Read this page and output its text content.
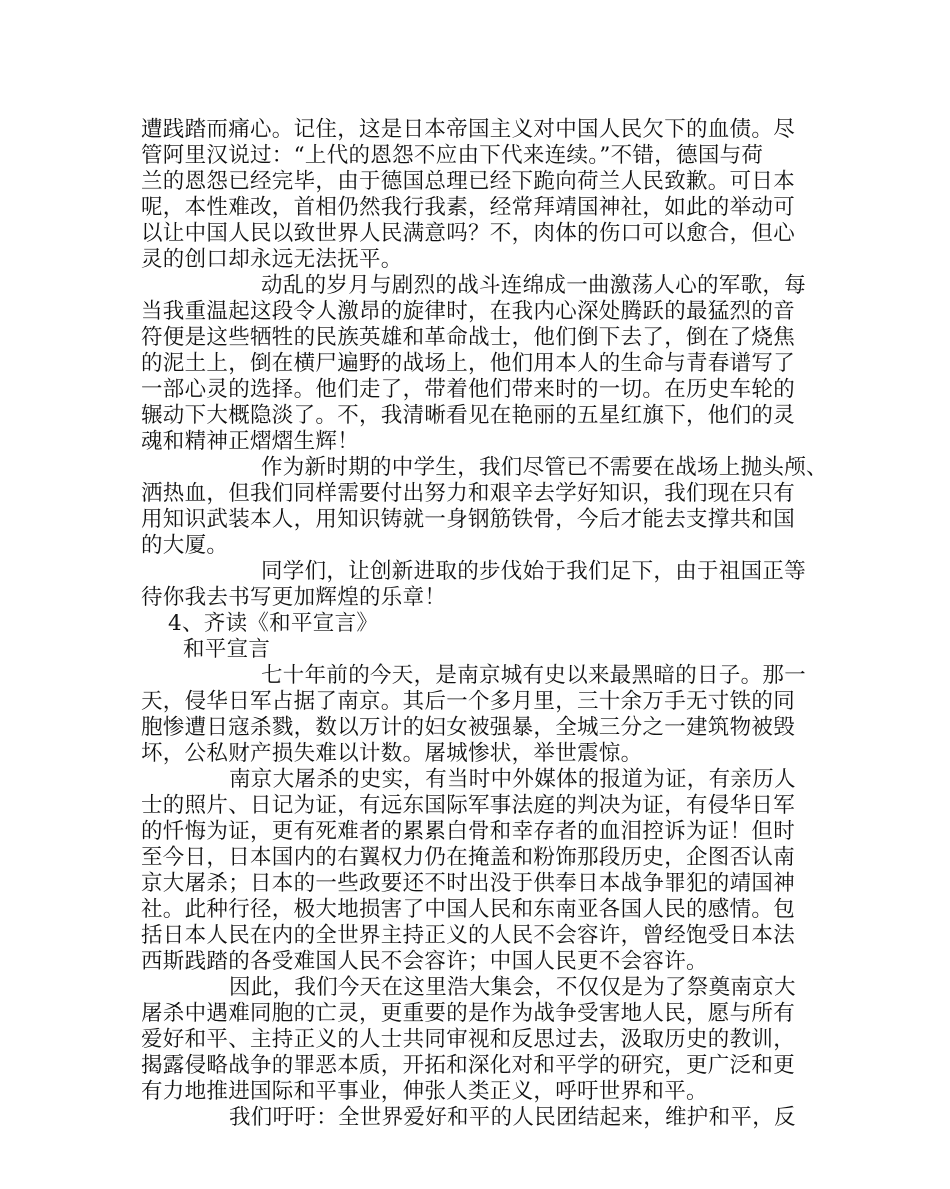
遭践踏而痛心。记住，这是日本帝国主义对中国人民欠下的血债。尽

管阿里汉说过：“上代的恩怨不应由下代来连续。”不错，德国与荷

兰的恩怨已经完毕，由于德国总理已经下跪向荷兰人民致歉。可日本

呢，本性难改，首相仍然我行我素，经常拜靖国神社，如此的举动可

以让中国人民以致世界人民满意吗？不，肉体的伤口可以愈合，但心

灵的创口却永远无法抚平。

动乱的岁月与剧烈的战斗连绵成一曲激荡人心的军歌，每

当我重温起这段令人激昂的旋律时，在我内心深处腾跃的最猛烈的音

符便是这些牺牲的民族英雄和革命战士，他们倒下去了，倒在了烧焦

的泥土上，倒在横尸遍野的战场上，他们用本人的生命与青春谱写了

一部心灵的选择。他们走了，带着他们带来时的一切。在历史车轮的

辗动下大概隐淡了。不，我清晰看见在艳丽的五星红旗下，他们的灵

魂和精神正熠熠生辉！

作为新时期的中学生，我们尽管已不需要在战场上抛头颅、

洒热血，但我们同样需要付出努力和艰辛去学好知识，我们现在只有

用知识武装本人，用知识铸就一身钢筋铁骨，今后才能去支撑共和国

的大厦。

同学们，让创新进取的步伐始于我们足下，由于祖国正等

待你我去书写更加辉煌的乐章！

4、齐读《和平宣言》

和平宣言

七十年前的今天，是南京城有史以来最黑暗的日子。那一

天，侵华日军占据了南京。其后一个多月里，三十余万手无寸铁的同

胞惨遭日寇杀戮，数以万计的妇女被强暴，全城三分之一建筑物被毁

坏，公私财产损失难以计数。屠城惨状，举世震惊。

南京大屠杀的史实，有当时中外媒体的报道为证，有亲历人

士的照片、日记为证，有远东国际军事法庭的判决为证，有侵华日军

的忏悔为证，更有死难者的累累白骨和幸存者的血泪控诉为证！但时

至今日，日本国内的右翼权力仍在掩盖和粉饰那段历史，企图否认南

京大屠杀；日本的一些政要还不时出没于供奉日本战争罪犯的靖国神

社。此种行径，极大地损害了中国人民和东南亚各国人民的感情。包

括日本人民在内的全世界主持正义的人民不会容许，曾经饱受日本法

西斯践踏的各受难国人民不会容许；中国人民更不会容许。

因此，我们今天在这里浩大集会，不仅仅是为了祭奠南京大

屠杀中遇难同胞的亡灵，更重要的是作为战争受害地人民，愿与所有

爱好和平、主持正义的人士共同审视和反思过去，汲取历史的教训，

揭露侵略战争的罪恶本质，开拓和深化对和平学的研究，更广泛和更

有力地推进国际和平事业，伸张人类正义，呼吁世界和平。

我们吁吁：全世界爱好和平的人民团结起来，维护和平，反
